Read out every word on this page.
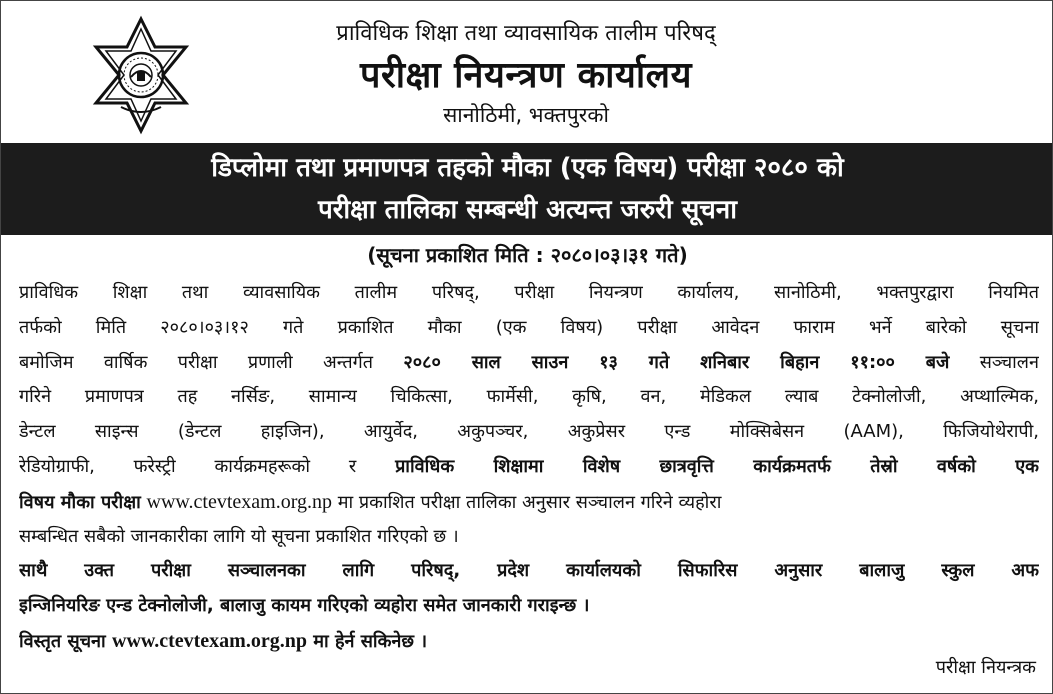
प्राविधिक शिक्षा तथा व्यावसायिक तालीम परिषद्
परीक्षा नियन्त्रण कार्यालय
सानोठिमी, भक्तपुरको
डिप्लोमा तथा प्रमाणपत्र तहको मौका (एक विषय) परीक्षा २०८० को
परीक्षा तालिका सम्बन्धी अत्यन्त जरुरी सूचना
(सूचना प्रकाशित मिति : २०८०।०३।३१ गते)
प्राविधिक शिक्षा तथा व्यावसायिक तालीम परिषद्, परीक्षा नियन्त्रण कार्यालय, सानोठिमी, भक्तपुरद्वारा नियमित
तर्फको मिति २०८०।०३।१२ गते प्रकाशित मौका (एक विषय) परीक्षा आवेदन फाराम भर्ने बारेको सूचना
बमोजिम वार्षिक परीक्षा प्रणाली अन्तर्गत २०८० साल साउन १३ गते शनिबार बिहान ११:०० बजे सञ्चालन
गरिने प्रमाणपत्र तह नर्सिङ, सामान्य चिकित्सा, फार्मेसी, कृषि, वन, मेडिकल ल्याब टेक्नोलोजी, अप्थाल्मिक,
डेन्टल साइन्स (डेन्टल हाइजिन), आयुर्वेद, अकुपञ्चर, अकुप्रेसर एन्ड मोक्सिबेसन (AAM), फिजियोथेरापी,
रेडियोग्राफी, फरेस्ट्री कार्यक्रमहरूको र प्राविधिक शिक्षामा विशेष छात्रवृत्ति कार्यक्रमतर्फ तेस्रो वर्षको एक
विषय मौका परीक्षा www.ctevtexam.org.np मा प्रकाशित परीक्षा तालिका अनुसार सञ्चालन गरिने व्यहोरा
सम्बन्धित सबैको जानकारीका लागि यो सूचना प्रकाशित गरिएको छ ।
साथै उक्त परीक्षा सञ्चालनका लागि परिषद्, प्रदेश कार्यालयको सिफारिस अनुसार बालाजु स्कुल अफ
इन्जिनियरिङ एन्ड टेक्नोलोजी, बालाजु कायम गरिएको व्यहोरा समेत जानकारी गराइन्छ ।
विस्तृत सूचना www.ctevtexam.org.np मा हेर्न सकिनेछ ।
परीक्षा नियन्त्रक
